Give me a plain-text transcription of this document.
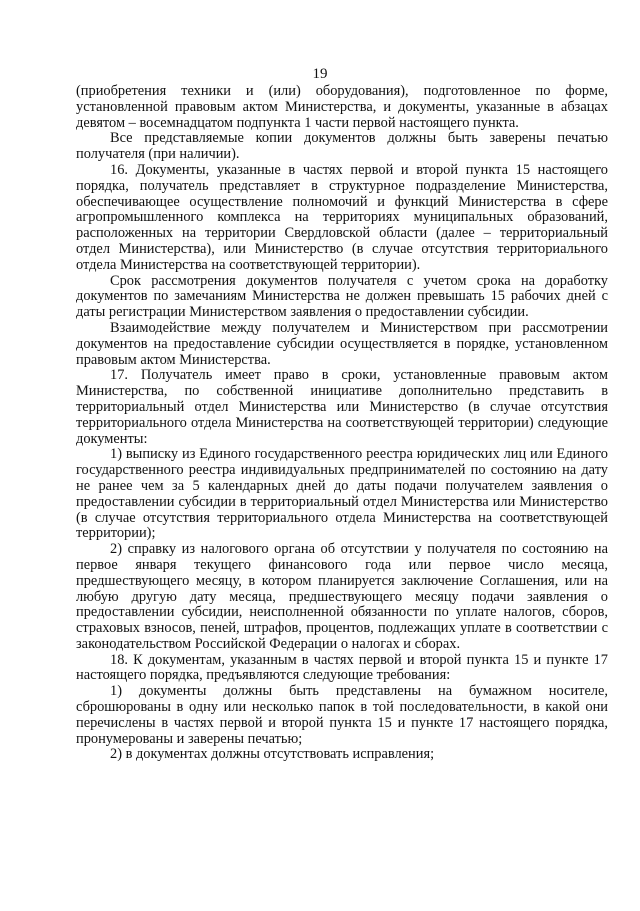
19

(приобретения техники и (или) оборудования), подготовленное по форме, установленной правовым актом Министерства, и документы, указанные в абзацах девятом – восемнадцатом подпункта 1 части первой настоящего пункта.

Все представляемые копии документов должны быть заверены печатью получателя (при наличии).

16. Документы, указанные в частях первой и второй пункта 15 настоящего порядка, получатель представляет в структурное подразделение Министерства, обеспечивающее осуществление полномочий и функций Министерства в сфере агропромышленного комплекса на территориях муниципальных образований, расположенных на территории Свердловской области (далее – территориальный отдел Министерства), или Министерство (в случае отсутствия территориального отдела Министерства на соответствующей территории).

Срок рассмотрения документов получателя с учетом срока на доработку документов по замечаниям Министерства не должен превышать 15 рабочих дней с даты регистрации Министерством заявления о предоставлении субсидии.

Взаимодействие между получателем и Министерством при рассмотрении документов на предоставление субсидии осуществляется в порядке, установленном правовым актом Министерства.

17. Получатель имеет право в сроки, установленные правовым актом Министерства, по собственной инициативе дополнительно представить в территориальный отдел Министерства или Министерство (в случае отсутствия территориального отдела Министерства на соответствующей территории) следующие документы:

1) выписку из Единого государственного реестра юридических лиц или Единого государственного реестра индивидуальных предпринимателей по состоянию на дату не ранее чем за 5 календарных дней до даты подачи получателем заявления о предоставлении субсидии в территориальный отдел Министерства или Министерство (в случае отсутствия территориального отдела Министерства на соответствующей территории);

2) справку из налогового органа об отсутствии у получателя по состоянию на первое января текущего финансового года или первое число месяца, предшествующего месяцу, в котором планируется заключение Соглашения, или на любую другую дату месяца, предшествующего месяцу подачи заявления о предоставлении субсидии, неисполненной обязанности по уплате налогов, сборов, страховых взносов, пеней, штрафов, процентов, подлежащих уплате в соответствии с законодательством Российской Федерации о налогах и сборах.

18. К документам, указанным в частях первой и второй пункта 15 и пункте 17 настоящего порядка, предъявляются следующие требования:

1) документы должны быть представлены на бумажном носителе, сброшюрованы в одну или несколько папок в той последовательности, в какой они перечислены в частях первой и второй пункта 15 и пункте 17 настоящего порядка, пронумерованы и заверены печатью;

2) в документах должны отсутствовать исправления;
